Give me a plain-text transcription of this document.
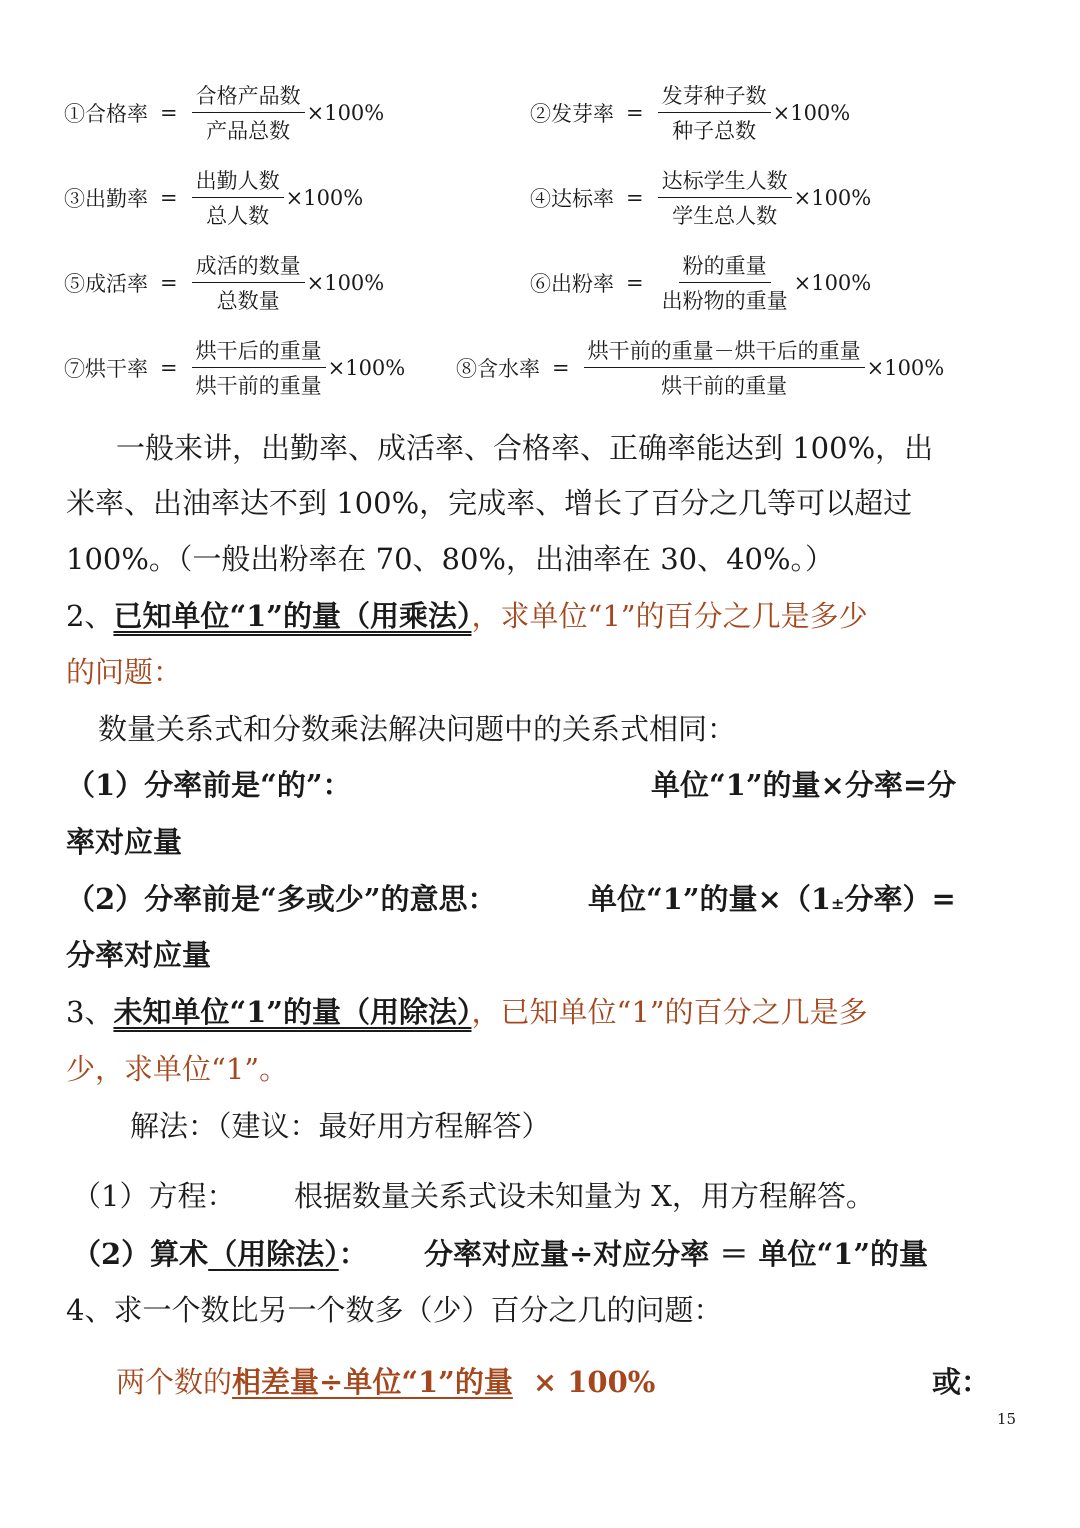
①合格率 = $\frac{\text{合格产品数}}{\text{产品总数}} \times 100\%$	②发芽率 = $\frac{\text{发芽种子数}}{\text{种子总数}} \times 100\%$
③出勤率 = $\frac{\text{出勤人数}}{\text{总人数}} \times 100\%$	④达标率 = $\frac{\text{达标学生人数}}{\text{学生总人数}} \times 100\%$
⑤成活率 = $\frac{\text{成活的数量}}{\text{总数量}} \times 100\%$	⑥出粉率 = $\frac{\text{粉的重量}}{\text{出粉物的重量}} \times 100\%$
⑦烘干率 = $\frac{\text{烘干后的重量}}{\text{烘干前的重量}} \times 100\%$ ⑧含水率 = $\frac{\text{烘干前的重量－烘干后的重量}}{\text{烘干前的重量}} \times 100\%$
一般来讲，出勤率、成活率、合格率、正确率能达到 100%，出
米率、出油率达不到 100%，完成率、增长了百分之几等可以超过
100%。（一般出粉率在 70、80%，出油率在 30、40%。）
2、已知单位“1”的量（用乘法），求单位“1”的百分之几是多少
的问题：
数量关系式和分数乘法解决问题中的关系式相同：
（1）分率前是“的”：	单位“1”的量×分率=分
率对应量
（2）分率前是“多或少”的意思：	单位“1”的量×（1±分率）=
分率对应量
3、未知单位“1”的量（用除法），已知单位“1”的百分之几是多
少，求单位“1”。
解法：（建议：最好用方程解答）
（1）方程： 根据数量关系式设未知量为 X，用方程解答。
（2）算术（用除法）： 分率对应量÷对应分率 ＝ 单位“1”的量
4、求一个数比另一个数多（少）百分之几的问题：
两个数的相差量÷单位“1”的量 × 100%	或：
15
